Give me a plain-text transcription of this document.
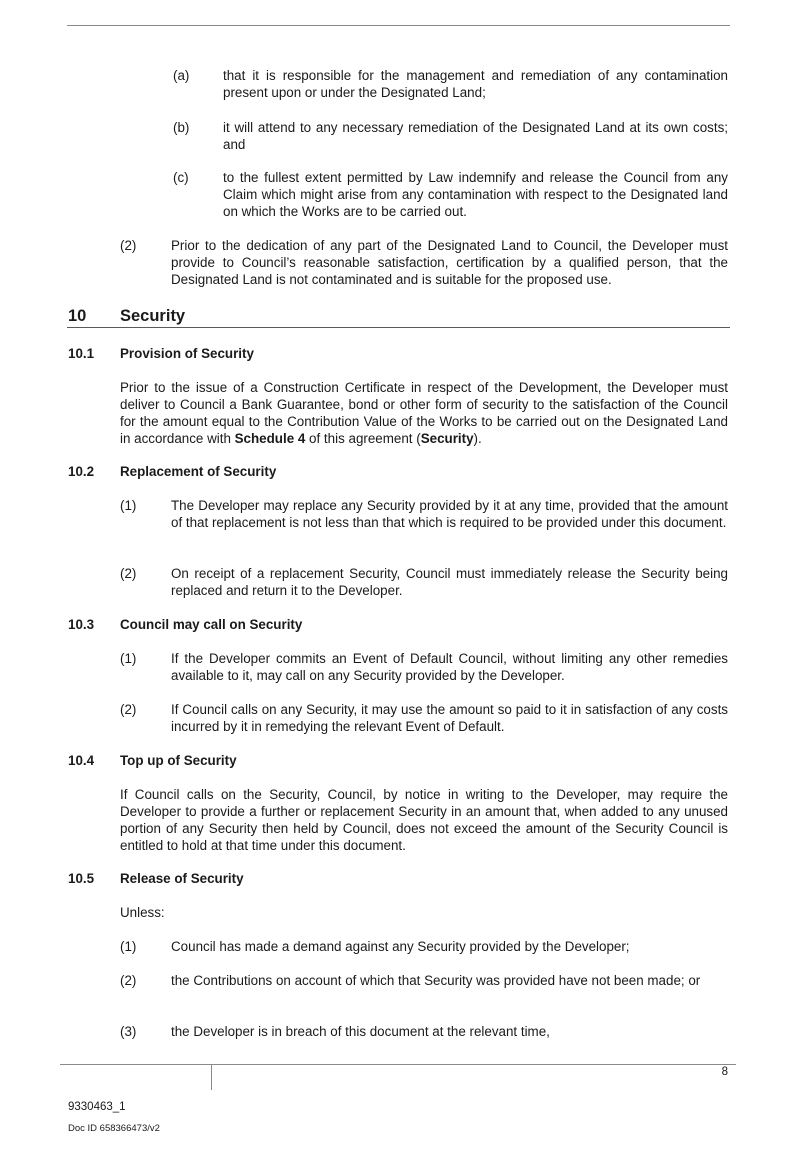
(a)	that it is responsible for the management and remediation of any contamination present upon or under the Designated Land;

(b)	it will attend to any necessary remediation of the Designated Land at its own costs; and

(c)	to the fullest extent permitted by Law indemnify and release the Council from any Claim which might arise from any contamination with respect to the Designated land on which the Works are to be carried out.

(2)	Prior to the dedication of any part of the Designated Land to Council, the Developer must provide to Council’s reasonable satisfaction, certification by a qualified person, that the Designated Land is not contaminated and is suitable for the proposed use.

10 Security
10.1 Provision of Security

Prior to the issue of a Construction Certificate in respect of the Development, the Developer must deliver to Council a Bank Guarantee, bond or other form of security to the satisfaction of the Council for the amount equal to the Contribution Value of the Works to be carried out on the Designated Land in accordance with Schedule 4 of this agreement (Security).

10.2 Replacement of Security
(1)	The Developer may replace any Security provided by it at any time, provided that the amount of that replacement is not less than that which is required to be provided under this document.

(2)	On receipt of a replacement Security, Council must immediately release the Security being replaced and return it to the Developer.

10.3 Council may call on Security
(1)	If the Developer commits an Event of Default Council, without limiting any other remedies available to it, may call on any Security provided by the Developer.

(2)	If Council calls on any Security, it may use the amount so paid to it in satisfaction of any costs incurred by it in remedying the relevant Event of Default.

10.4 Top up of Security

If Council calls on the Security, Council, by notice in writing to the Developer, may require the Developer to provide a further or replacement Security in an amount that, when added to any unused portion of any Security then held by Council, does not exceed the amount of the Security Council is entitled to hold at that time under this document.

10.5 Release of Security

Unless:

(1)	Council has made a demand against any Security provided by the Developer;

(2)	the Contributions on account of which that Security was provided have not been made; or

(3)	the Developer is in breach of this document at the relevant time,

8
9330463_1
Doc ID 658366473/v2
